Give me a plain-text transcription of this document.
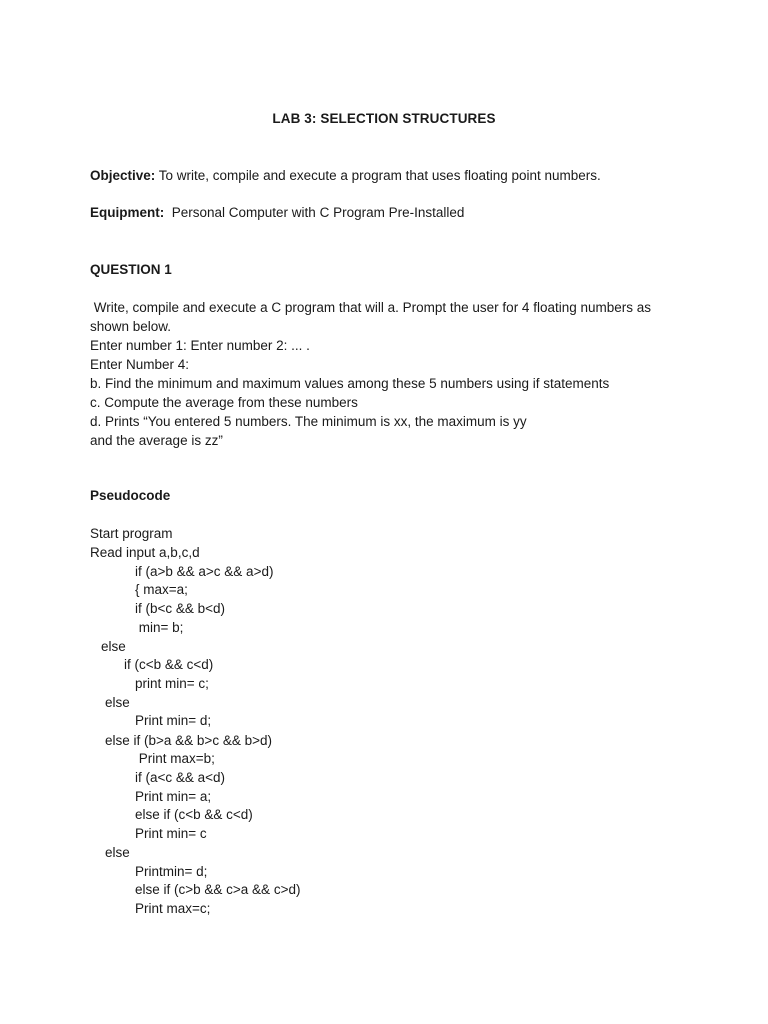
LAB 3: SELECTION STRUCTURES
Objective: To write, compile and execute a program that uses floating point numbers.
Equipment:  Personal Computer with C Program Pre-Installed
QUESTION 1
Write, compile and execute a C program that will a. Prompt the user for 4 floating numbers as
shown below.
Enter number 1: Enter number 2: ... .
Enter Number 4:
b. Find the minimum and maximum values among these 5 numbers using if statements
c. Compute the average from these numbers
d. Prints “You entered 5 numbers. The minimum is xx, the maximum is yy
and the average is zz”
Pseudocode
Start program
Read input a,b,c,d
if (a>b && a>c && a>d)
{ max=a;
if (b<c && b<d)
min= b;
else
if (c<b && c<d)
print min= c;
else
Print min= d;
else if (b>a && b>c && b>d)
Print max=b;
if (a<c && a<d)
Print min= a;
else if (c<b && c<d)
Print min= c
else
Printmin= d;
else if (c>b && c>a && c>d)
Print max=c;
